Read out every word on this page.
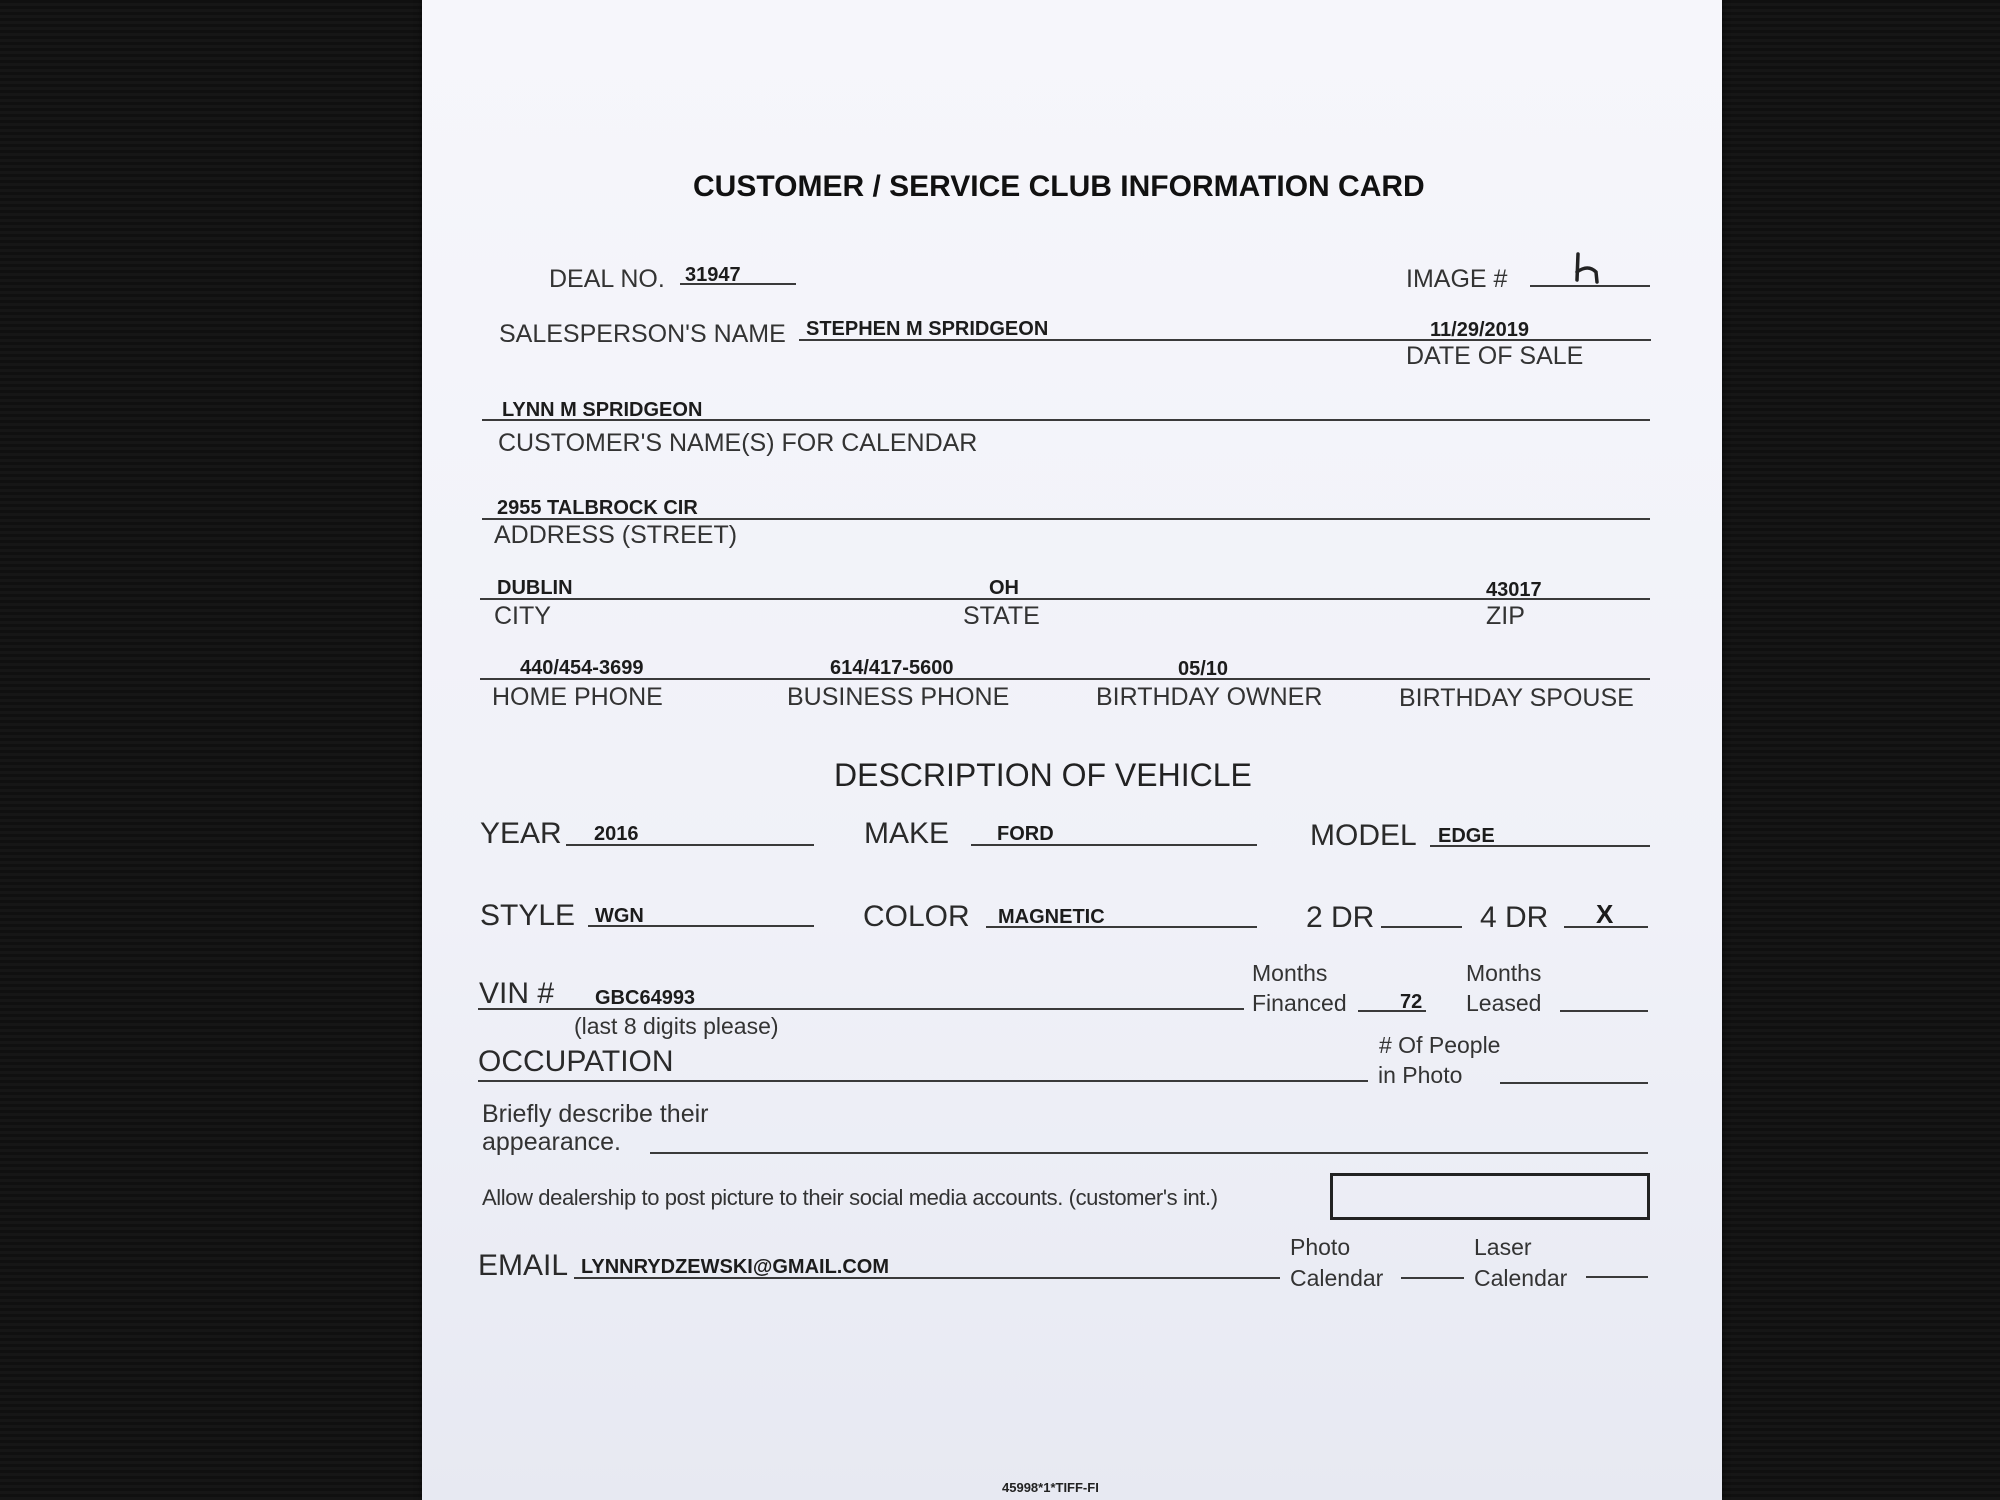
CUSTOMER / SERVICE CLUB INFORMATION CARD
DEAL NO. 31947	IMAGE #
SALESPERSON'S NAME STEPHEN M SPRIDGEON	11/29/2019
DATE OF SALE
LYNN M SPRIDGEON
CUSTOMER'S NAME(S) FOR CALENDAR
2955 TALBROCK CIR
ADDRESS (STREET)
DUBLIN	OH	43017
CITY	STATE	ZIP
440/454-3699	614/417-5600	05/10
HOME PHONE	BUSINESS PHONE	BIRTHDAY OWNER	BIRTHDAY SPOUSE
DESCRIPTION OF VEHICLE
YEAR 2016	MAKE FORD	MODEL EDGE
STYLE WGN	COLOR MAGNETIC	2 DR	4 DR X
VIN # GBC64993
(last 8 digits please)
Months
Financed	72
Months
Leased
OCCUPATION	# Of People
in Photo
Briefly describe their
appearance.
Allow dealership to post picture to their social media accounts. (customer's int.)
EMAIL LYNNRYDZEWSKI@GMAIL.COM
Photo
Calendar
Laser
Calendar
45998*1*TIFF-FI
